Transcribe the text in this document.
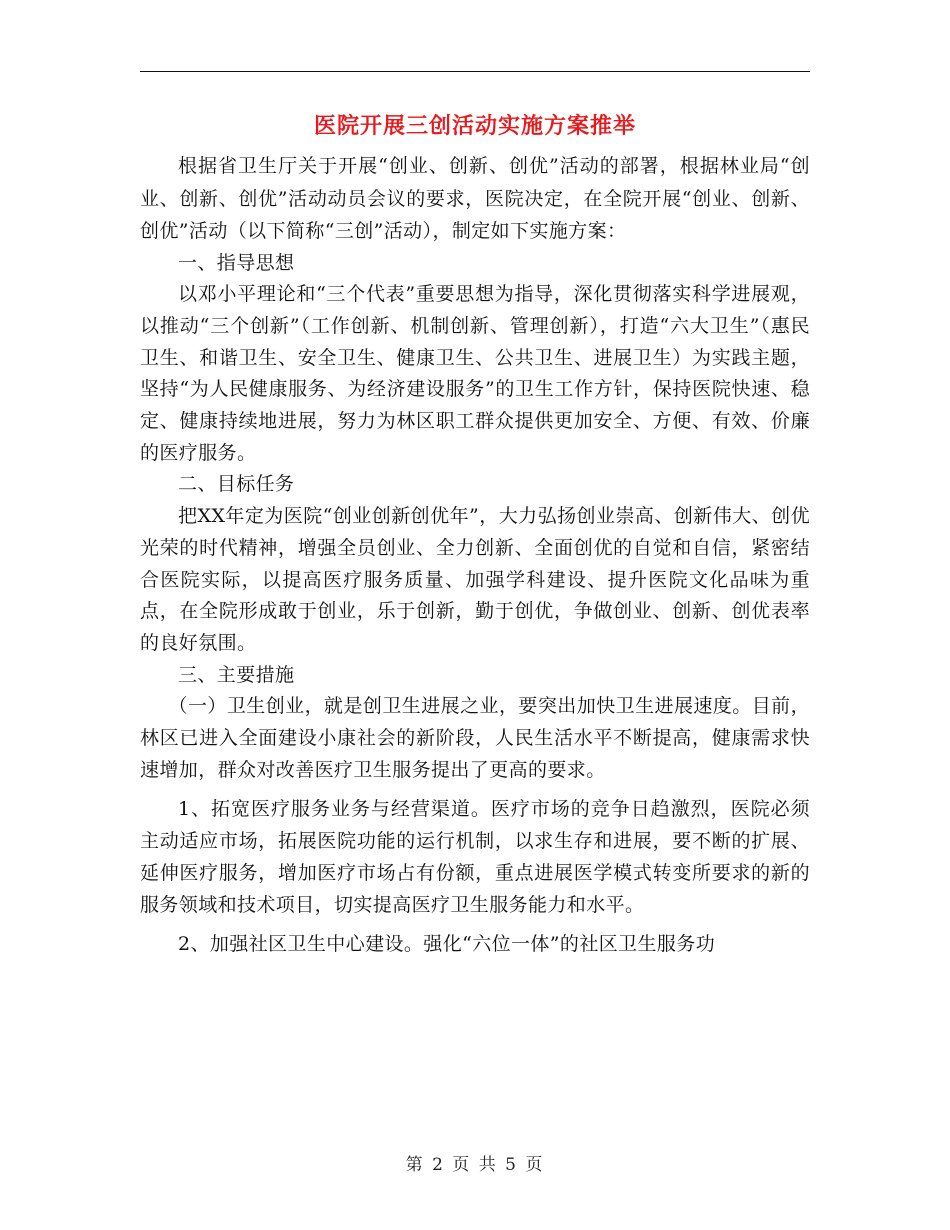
医院开展三创活动实施方案推举

根据省卫生厅关于开展“创业、创新、创优”活动的部署，根据林业局“创业、创新、创优”活动动员会议的要求，医院决定，在全院开展“创业、创新、创优”活动（以下简称“三创”活动），制定如下实施方案：

一、指导思想

以邓小平理论和“三个代表”重要思想为指导，深化贯彻落实科学进展观，以推动“三个创新”（工作创新、机制创新、管理创新），打造“六大卫生”（惠民卫生、和谐卫生、安全卫生、健康卫生、公共卫生、进展卫生）为实践主题，坚持“为人民健康服务、为经济建设服务”的卫生工作方针，保持医院快速、稳定、健康持续地进展，努力为林区职工群众提供更加安全、方便、有效、价廉的医疗服务。

二、目标任务

把XX年定为医院“创业创新创优年”，大力弘扬创业崇高、创新伟大、创优光荣的时代精神，增强全员创业、全力创新、全面创优的自觉和自信，紧密结合医院实际，以提高医疗服务质量、加强学科建设、提升医院文化品味为重点，在全院形成敢于创业，乐于创新，勤于创优，争做创业、创新、创优表率的良好氛围。

三、主要措施

（一）卫生创业，就是创卫生进展之业，要突出加快卫生进展速度。目前，林区已进入全面建设小康社会的新阶段，人民生活水平不断提高，健康需求快速增加，群众对改善医疗卫生服务提出了更高的要求。

1、拓宽医疗服务业务与经营渠道。医疗市场的竞争日趋激烈，医院必须主动适应市场，拓展医院功能的运行机制，以求生存和进展，要不断的扩展、延伸医疗服务，增加医疗市场占有份额，重点进展医学模式转变所要求的新的服务领域和技术项目，切实提高医疗卫生服务能力和水平。

2、加强社区卫生中心建设。强化“六位一体”的社区卫生服务功

第 2 页 共 5 页
